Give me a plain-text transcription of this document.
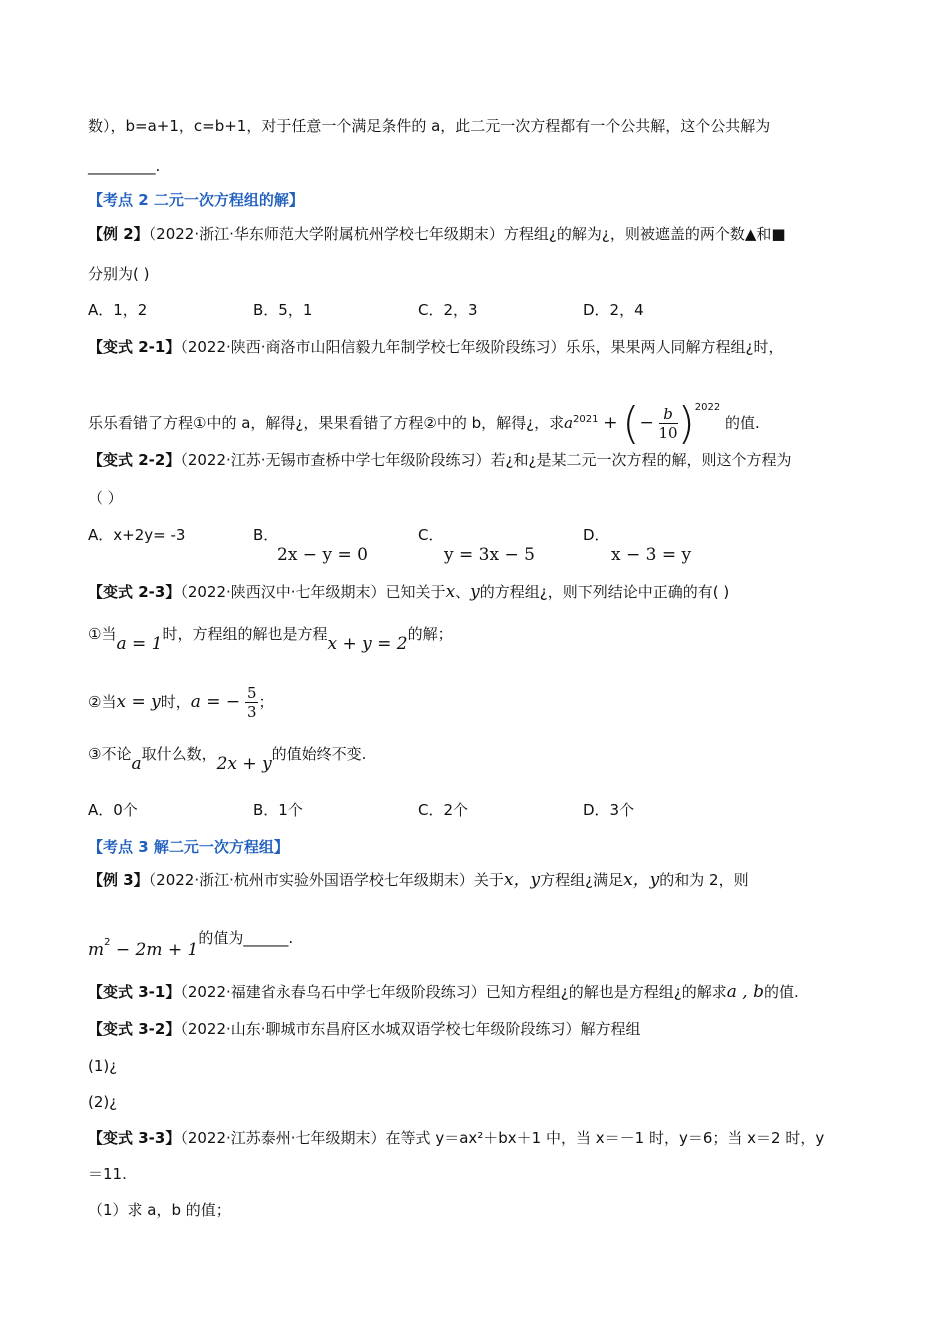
数），b=a+1，c=b+1，对于任意一个满足条件的 a，此二元一次方程都有一个公共解，这个公共解为
_________.
【考点 2 二元一次方程组的解】
【例 2】（2022·浙江·华东师范大学附属杭州学校七年级期末）方程组¿的解为¿，则被遮盖的两个数▲和■
分别为( )
A．1，2	B．5，1	C．2，3	D．2，4
【变式 2-1】（2022·陕西·商洛市山阳信毅九年制学校七年级阶段练习）乐乐，果果两人同解方程组¿时，
乐乐看错了方程①中的 a，解得¿，果果看错了方程②中的 b，解得¿，求$a^{2021}$ + (− $\frac{b}{10} )^{2022}$ 的值.
【变式 2-2】（2022·江苏·无锡市查桥中学七年级阶段练习）若¿和¿是某二元一次方程的解，则这个方程为
（ ）
A．x+2y= -3	B．
2x − y = 0
C．
y = 3x − 5
D．
x − 3 = y
【变式 2-3】（2022·陕西汉中·七年级期末）已知关于x、y的方程组¿，则下列结论中正确的有( )
①当a = 1时，方程组的解也是方程x + y = 2的解；
②当x = y时，a = − $\frac{5}{3}$ ；
③不论a取什么数，2x + y的值始终不变.
A．0个	B．1个	C．2个	D．3个
【考点 3 解二元一次方程组】
【例 3】（2022·浙江·杭州市实验外国语学校七年级期末）关于x，y方程组¿满足x，y的和为 2，则
$m^2 - 2m + 1$的值为______.
【变式 3-1】（2022·福建省永春乌石中学七年级阶段练习）已知方程组¿的解也是方程组¿的解求a , b的值.
【变式 3-2】（2022·山东·聊城市东昌府区水城双语学校七年级阶段练习）解方程组
(1)¿
(2)¿
【变式 3-3】（2022·江苏泰州·七年级期末）在等式 y＝ax²＋bx＋1 中，当 x＝－1 时，y＝6；当 x＝2 时，y
＝11.
（1）求 a，b 的值；
